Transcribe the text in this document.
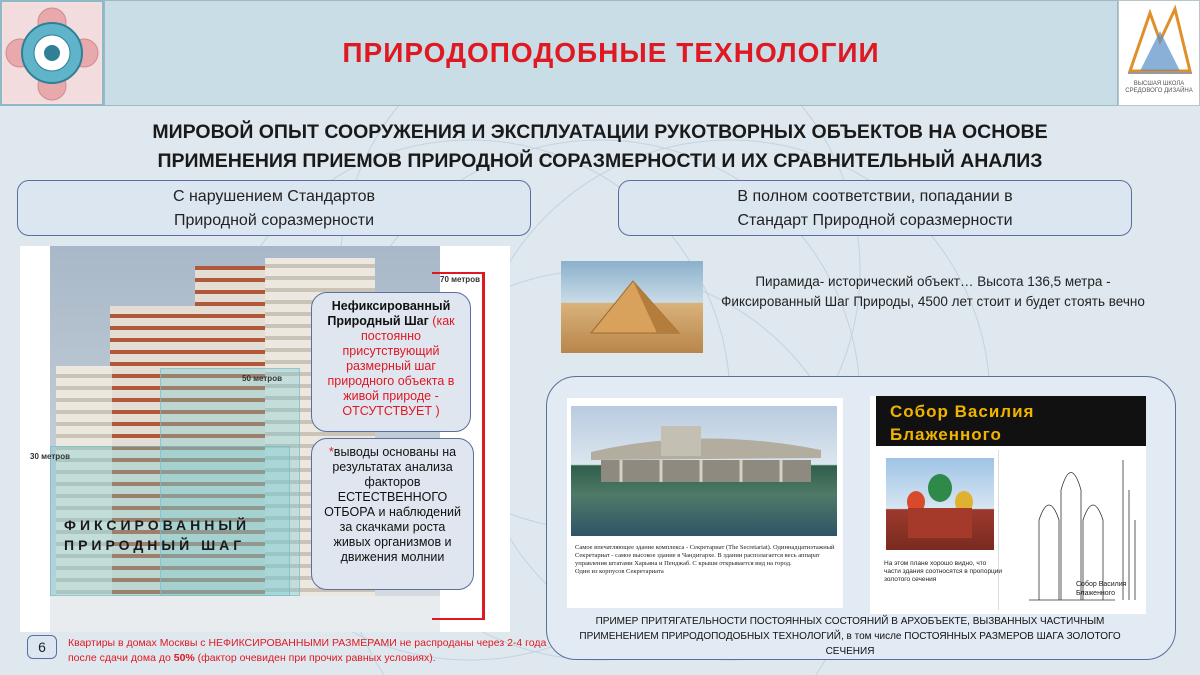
ПРИРОДОПОДОБНЫЕ ТЕХНОЛОГИИ
ВЫСШАЯ ШКОЛА СРЕДОВОГО ДИЗАЙНА
МИРОВОЙ ОПЫТ СООРУЖЕНИЯ И ЭКСПЛУАТАЦИИ РУКОТВОРНЫХ ОБЪЕКТОВ НА ОСНОВЕ
ПРИМЕНЕНИЯ ПРИЕМОВ ПРИРОДНОЙ СОРАЗМЕРНОСТИ И ИХ СРАВНИТЕЛЬНЫЙ АНАЛИЗ
С нарушением Стандартов
Природной соразмерности
В полном соответствии, попадании в
Стандарт Природной соразмерности
70 метров
50 метров
30 метров
ФИКСИРОВАННЫЙ
ПРИРОДНЫЙ ШАГ
Нефиксированный Природный Шаг (как постоянно присутствующий размерный шаг природного объекта в живой природе - ОТСУТСТВУЕТ )
*выводы основаны на результатах анализа факторов ЕСТЕСТВЕННОГО ОТБОРА и наблюдений за скачками роста живых организмов и движения молнии
6	Квартиры в домах Москвы с НЕФИКСИРОВАННЫМИ РАЗМЕРАМИ не распроданы через 2-4 года после сдачи дома до 50% (фактор очевиден при прочих равных условиях).
Пирамида- исторический объект… Высота 136,5 метра - Фиксированный Шаг Природы, 4500 лет стоит и будет стоять вечно
Самое впечатляющее здание комплекса - Секретариат (The Secretariat). Одиннадцатиэтажный Секретариат - самое высокое здание в Чандигархе. В здании располагается весь аппарат управления штатами Харьяна и Пенджаб. С крыши открывается вид на город.
Один из корпусов Секретариата
Собор Василия
Блаженного
На этом плане хорошо видно, что части здания соотносятся в пропорции золотого сечения
Собор Василия Блаженного
ПРИМЕР ПРИТЯГАТЕЛЬНОСТИ ПОСТОЯННЫХ СОСТОЯНИЙ В АРХОБЪЕКТЕ, ВЫЗВАННЫХ ЧАСТИЧНЫМ ПРИМЕНЕНИЕМ ПРИРОДОПОДОБНЫХ ТЕХНОЛОГИЙ, в том числе ПОСТОЯННЫХ РАЗМЕРОВ ШАГА ЗОЛОТОГО СЕЧЕНИЯ
